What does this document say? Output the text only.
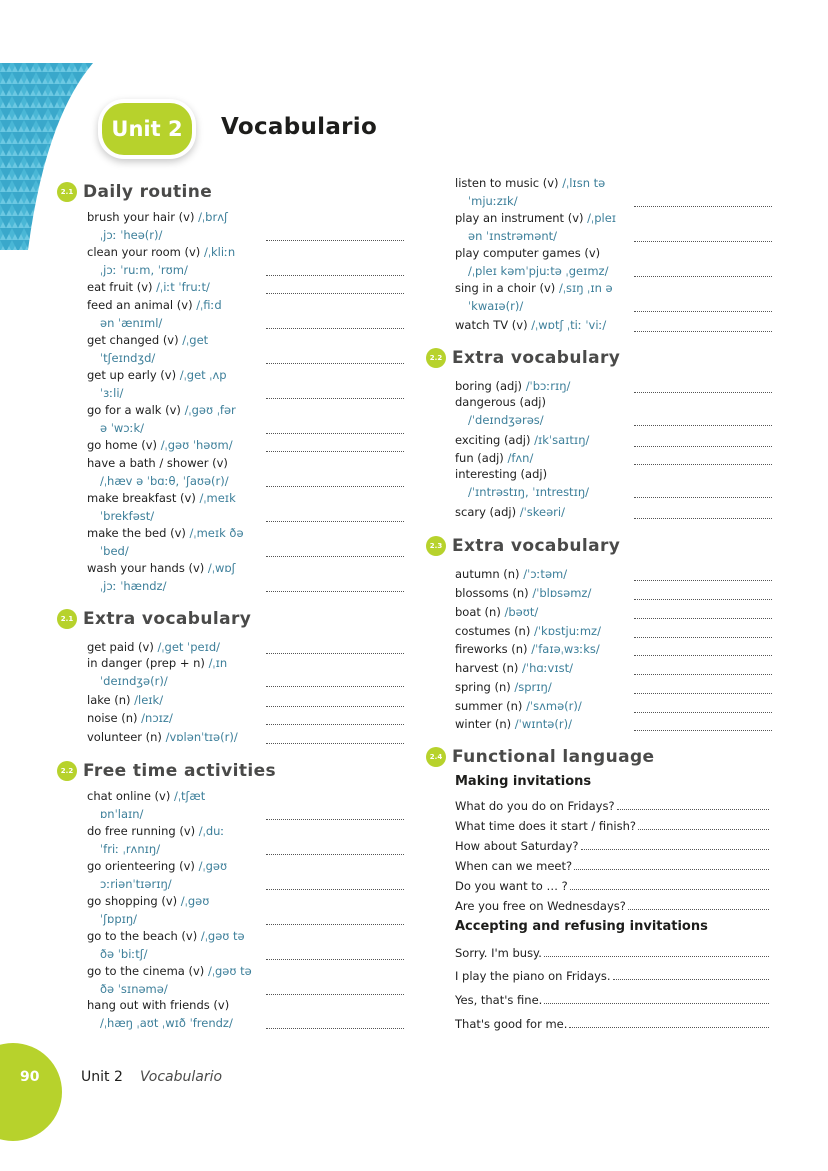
Unit 2	Vocabulario
2.1 Daily routine
brush your hair (v) /ˌbrʌʃ
ˌjɔː ˈheə(r)/
clean your room (v) /ˌkliːn
ˌjɔː ˈruːm, ˈrʊm/
eat fruit (v) /ˌiːt ˈfruːt/
feed an animal (v) /ˌfiːd
ən ˈænɪml/
get changed (v) /ˌget
ˈtʃeɪndʒd/
get up early (v) /ˌget ˌʌp
ˈɜːli/
go for a walk (v) /ˌgəʊ ˌfər
ə ˈwɔːk/
go home (v) /ˌgəʊ ˈhəʊm/
have a bath / shower (v)
/ˌhæv ə ˈbɑːθ, ˈʃaʊə(r)/
make breakfast (v) /ˌmeɪk
ˈbrekfəst/
make the bed (v) /ˌmeɪk ðə
ˈbed/
wash your hands (v) /ˌwɒʃ
ˌjɔː ˈhændz/
2.1 Extra vocabulary
get paid (v) /ˌget ˈpeɪd/
in danger (prep + n) /ˌɪn
ˈdeɪndʒə(r)/
lake (n) /leɪk/
noise (n) /nɔɪz/
volunteer (n) /vɒlənˈtɪə(r)/
2.2 Free time activities
chat online (v) /ˌtʃæt
ɒnˈlaɪn/
do free running (v) /ˌduː
ˈfriː ˌrʌnɪŋ/
go orienteering (v) /ˌgəʊ
ɔːriənˈtɪərɪŋ/
go shopping (v) /ˌgəʊ
ˈʃɒpɪŋ/
go to the beach (v) /ˌgəʊ tə
ðə ˈbiːtʃ/
go to the cinema (v) /ˌgəʊ tə
ðə ˈsɪnəmə/
hang out with friends (v)
/ˌhæŋ ˌaʊt ˌwɪð ˈfrendz/
listen to music (v) /ˌlɪsn tə
ˈmjuːzɪk/
play an instrument (v) /ˌpleɪ
ən ˈɪnstrəmənt/
play computer games (v)
/ˌpleɪ kəmˈpjuːtə ˌgeɪmz/
sing in a choir (v) /ˌsɪŋ ˌɪn ə
ˈkwaɪə(r)/
watch TV (v) /ˌwɒtʃ ˌtiː ˈviː/
2.2 Extra vocabulary
boring (adj) /ˈbɔːrɪŋ/
dangerous (adj)
/ˈdeɪndʒərəs/
exciting (adj) /ɪkˈsaɪtɪŋ/
fun (adj) /fʌn/
interesting (adj)
/ˈɪntrəstɪŋ, ˈɪntrestɪŋ/
scary (adj) /ˈskeəri/
2.3 Extra vocabulary
autumn (n) /ˈɔːtəm/
blossoms (n) /ˈblɒsəmz/
boat (n) /bəʊt/
costumes (n) /ˈkɒstjuːmz/
fireworks (n) /ˈfaɪəˌwɜːks/
harvest (n) /ˈhɑːvɪst/
spring (n) /sprɪŋ/
summer (n) /ˈsʌmə(r)/
winter (n) /ˈwɪntə(r)/
2.4 Functional language
Making invitations
Accepting and refusing invitations
What do you do on Fridays?
What time does it start / finish?
How about Saturday?
When can we meet?
Do you want to … ?
Are you free on Wednesdays?
Sorry. I'm busy.
I play the piano on Fridays.
Yes, that's fine.
That's good for me.
90	Unit 2 Vocabulario
